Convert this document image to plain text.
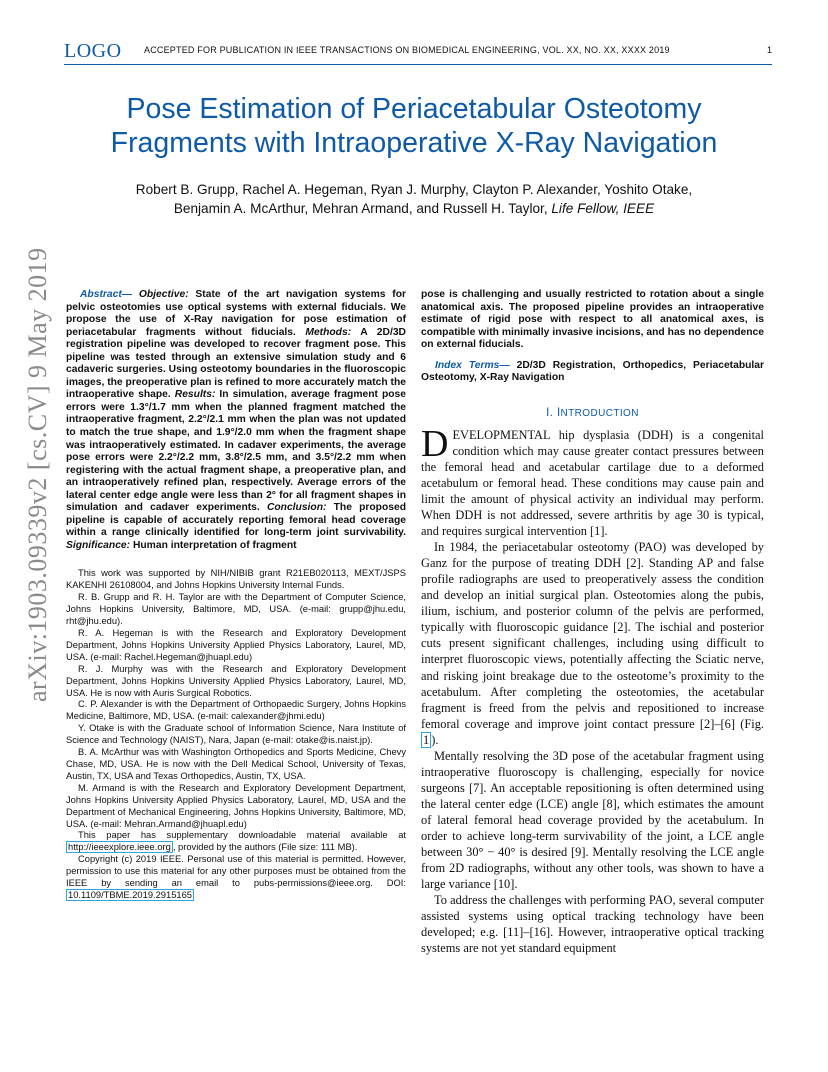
LOGO ACCEPTED FOR PUBLICATION IN IEEE TRANSACTIONS ON BIOMEDICAL ENGINEERING, VOL. XX, NO. XX, XXXX 2019	1
Pose Estimation of Periacetabular Osteotomy
Fragments with Intraoperative X-Ray Navigation
Robert B. Grupp, Rachel A. Hegeman, Ryan J. Murphy, Clayton P. Alexander, Yoshito Otake,
Benjamin A. McArthur, Mehran Armand, and Russell H. Taylor, Life Fellow, IEEE
arXiv:1903.09339v2 [cs.CV] 9 May 2019	Abstract— Objective: State of the art navigation systems for pelvic osteotomies use optical systems with external fiducials. We propose the use of X-Ray navigation for pose estimation of periacetabular fragments without fiducials. Methods: A 2D/3D registration pipeline was developed to recover fragment pose. This pipeline was tested through an extensive simulation study and 6 cadaveric surgeries. Using osteotomy boundaries in the fluoroscopic images, the preoperative plan is refined to more accurately match the intraoperative shape. Results: In simulation, average fragment pose errors were 1.3°/1.7 mm when the planned fragment matched the intraoperative fragment, 2.2°/2.1 mm when the plan was not updated to match the true shape, and 1.9°/2.0 mm when the fragment shape was intraoperatively estimated. In cadaver experiments, the average pose errors were 2.2°/2.2 mm, 3.8°/2.5 mm, and 3.5°/2.2 mm when registering with the actual fragment shape, a preoperative plan, and an intraoperatively refined plan, respectively. Average errors of the lateral center edge angle were less than 2° for all fragment shapes in simulation and cadaver experiments. Conclusion: The proposed pipeline is capable of accurately reporting femoral head coverage within a range clinically identified for long-term joint survivability. Significance: Human interpretation of fragment

This work was supported by NIH/NIBIB grant R21EB020113, MEXT/JSPS KAKENHI 26108004, and Johns Hopkins University Internal Funds.

R. B. Grupp and R. H. Taylor are with the Department of Computer Science, Johns Hopkins University, Baltimore, MD, USA. (e-mail: grupp@jhu.edu, rht@jhu.edu).

R. A. Hegeman is with the Research and Exploratory Development Department, Johns Hopkins University Applied Physics Laboratory, Laurel, MD, USA. (e-mail: Rachel.Hegeman@jhuapl.edu)

R. J. Murphy was with the Research and Exploratory Development Department, Johns Hopkins University Applied Physics Laboratory, Laurel, MD, USA. He is now with Auris Surgical Robotics.

C. P. Alexander is with the Department of Orthopaedic Surgery, Johns Hopkins Medicine, Baltimore, MD, USA. (e-mail: calexander@jhmi.edu)

Y. Otake is with the Graduate school of Information Science, Nara Institute of Science and Technology (NAIST), Nara, Japan (e-mail: otake@is.naist.jp).

B. A. McArthur was with Washington Orthopedics and Sports Medicine, Chevy Chase, MD, USA. He is now with the Dell Medical School, University of Texas, Austin, TX, USA and Texas Orthopedics, Austin, TX, USA.

M. Armand is with the Research and Exploratory Development Department, Johns Hopkins University Applied Physics Laboratory, Laurel, MD, USA and the Department of Mechanical Engineering, Johns Hopkins University, Baltimore, MD, USA. (e-mail: Mehran.Armand@jhuapl.edu)

This paper has supplementary downloadable material available at http://ieeexplore.ieee.org , provided by the authors (File size: 111 MB).

Copyright (c) 2019 IEEE. Personal use of this material is permitted. However, permission to use this material for any other purposes must be obtained from the IEEE by sending an email to pubs-permissions@ieee.org. DOI: 10.1109/TBME.2019.2915165

pose is challenging and usually restricted to rotation about a single anatomical axis. The proposed pipeline provides an intraoperative estimate of rigid pose with respect to all anatomical axes, is compatible with minimally invasive incisions, and has no dependence on external fiducials.

Index Terms— 2D/3D Registration, Orthopedics, Periacetabular Osteotomy, X-Ray Navigation

I. INTRODUCTION

DEVELOPMENTAL hip dysplasia (DDH) is a congenital condition which may cause greater contact pressures between the femoral head and acetabular cartilage due to a deformed acetabulum or femoral head. These conditions may cause pain and limit the amount of physical activity an individual may perform. When DDH is not addressed, severe arthritis by age 30 is typical, and requires surgical intervention [1].

In 1984, the periacetabular osteotomy (PAO) was developed by Ganz for the purpose of treating DDH [2]. Standing AP and false profile radiographs are used to preoperatively assess the condition and develop an initial surgical plan. Osteotomies along the pubis, ilium, ischium, and posterior column of the pelvis are performed, typically with fluoroscopic guidance [2]. The ischial and posterior cuts present significant challenges, including using difficult to interpret fluoroscopic views, potentially affecting the Sciatic nerve, and risking joint breakage due to the osteotome’s proximity to the acetabulum. After completing the osteotomies, the acetabular fragment is freed from the pelvis and repositioned to increase femoral coverage and improve joint contact pressure [2]–[6] (Fig. 1 ).

Mentally resolving the 3D pose of the acetabular fragment using intraoperative fluoroscopy is challenging, especially for novice surgeons [7]. An acceptable repositioning is often determined using the lateral center edge (LCE) angle [8], which estimates the amount of lateral femoral head coverage provided by the acetabulum. In order to achieve long-term survivability of the joint, a LCE angle between 30° − 40° is desired [9]. Mentally resolving the LCE angle from 2D radiographs, without any other tools, was shown to have a large variance [10].

To address the challenges with performing PAO, several computer assisted systems using optical tracking technology have been developed; e.g. [11]–[16]. However, intraoperative optical tracking systems are not yet standard equipment
